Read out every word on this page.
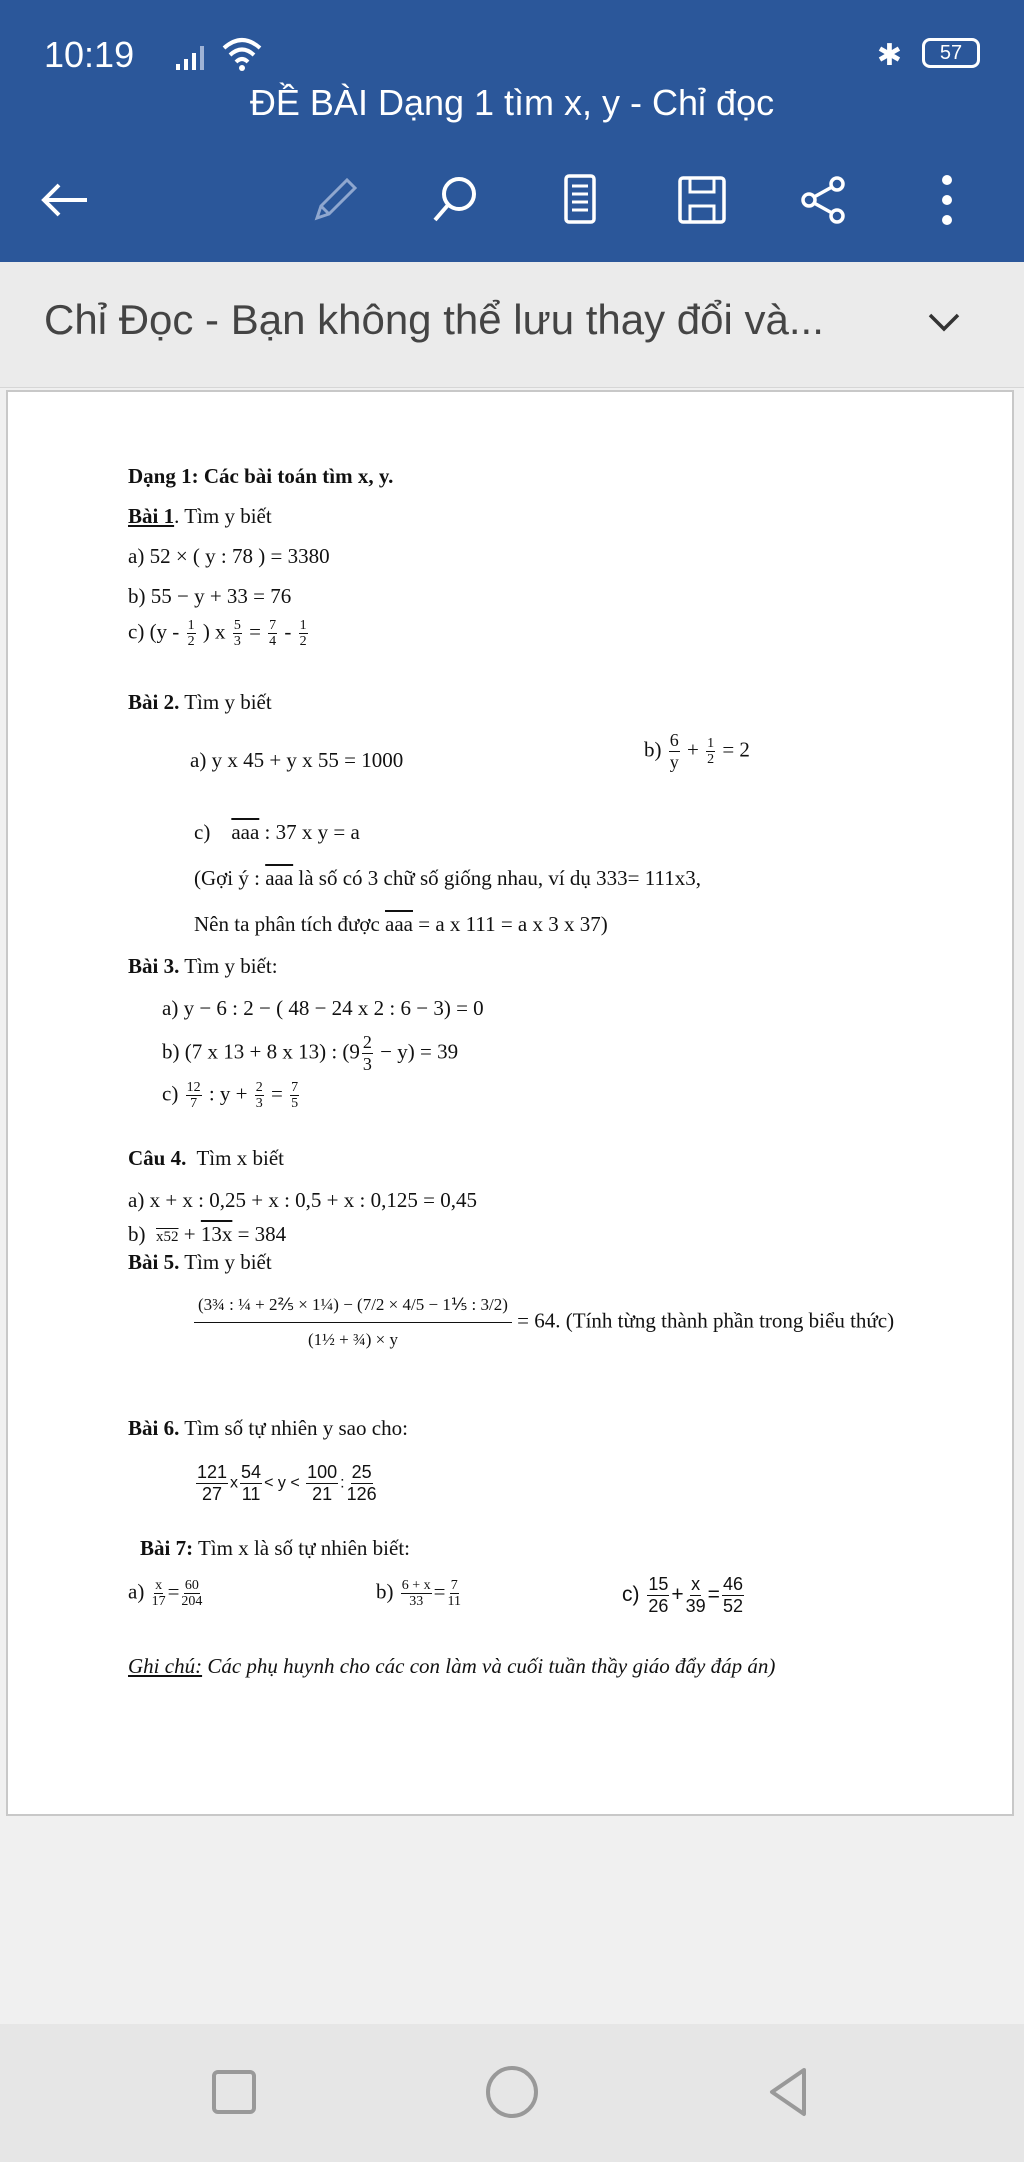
10:19	✱	57
ĐỀ BÀI Dạng 1 tìm x, y - Chỉ đọc
Chỉ Đọc - Bạn không thể lưu thay đổi và...
Dạng 1: Các bài toán tìm x, y.
Bài 1. Tìm y biết
a) 52 × ( y : 78 ) = 3380
b) 55 − y + 33 = 76
c) ($y - \frac{1}{2}$ ) x $\frac{5}{3} = \frac{7}{4} - \frac{1}{2}$
Bài 2. Tìm y biết
a) y x 45 + y x 55 = 1000	$b) \frac{6}{y} + \frac{1}{2} = 2$
c) $\overline{aaa}$ : 37 x y = a
(Gợi ý : $\overline{aaa}$ là số có 3 chữ số giống nhau, ví dụ 333= 111x3,
Nên ta phân tích được $\overline{aaa} = a$ x 111 = a x 3 x 37)
Bài 3. Tìm y biết:
a) y − 6 : 2 − ( 48 − 24 x 2 : 6 − 3) = 0
b) (7 x 13 + 8 x 13) : $(9 \frac{2}{3} - y) = 39$
$c) \frac{12}{7}$ : $y + \frac{2}{3} = \frac{7}{5}$
Câu 4. Tìm x biết
a) x + x : 0,25 + x : 0,5 + x : 0,125 = 0,45
b) x52 + 13x = 384
Bài 5. Tìm y biết
$\frac{\text{(3¾ : ¼ + 2⅖ × 1¼) − (7/2 × 4/5 − 1⅕ : 3/2)}}{\text{(1½ + ¾) × y}} = 64$. (Tính từng thành phần trong biểu thức)
Bài 6. Tìm số tự nhiên y sao cho:
$\frac{121}{27}$ x $\frac{54}{11} < y < \frac{100}{21}$ : $\frac{25}{126}$
Bài 7: Tìm x là số tự nhiên biết:
$a) \frac{x}{17} = \frac{60}{204}$	$b) \frac{6 + x}{33} = \frac{7}{11}$	$c) \frac{15}{26} + \frac{x}{39} = \frac{46}{52}$
Ghi chú: Các phụ huynh cho các con làm và cuối tuần thầy giáo đẩy đáp án)
